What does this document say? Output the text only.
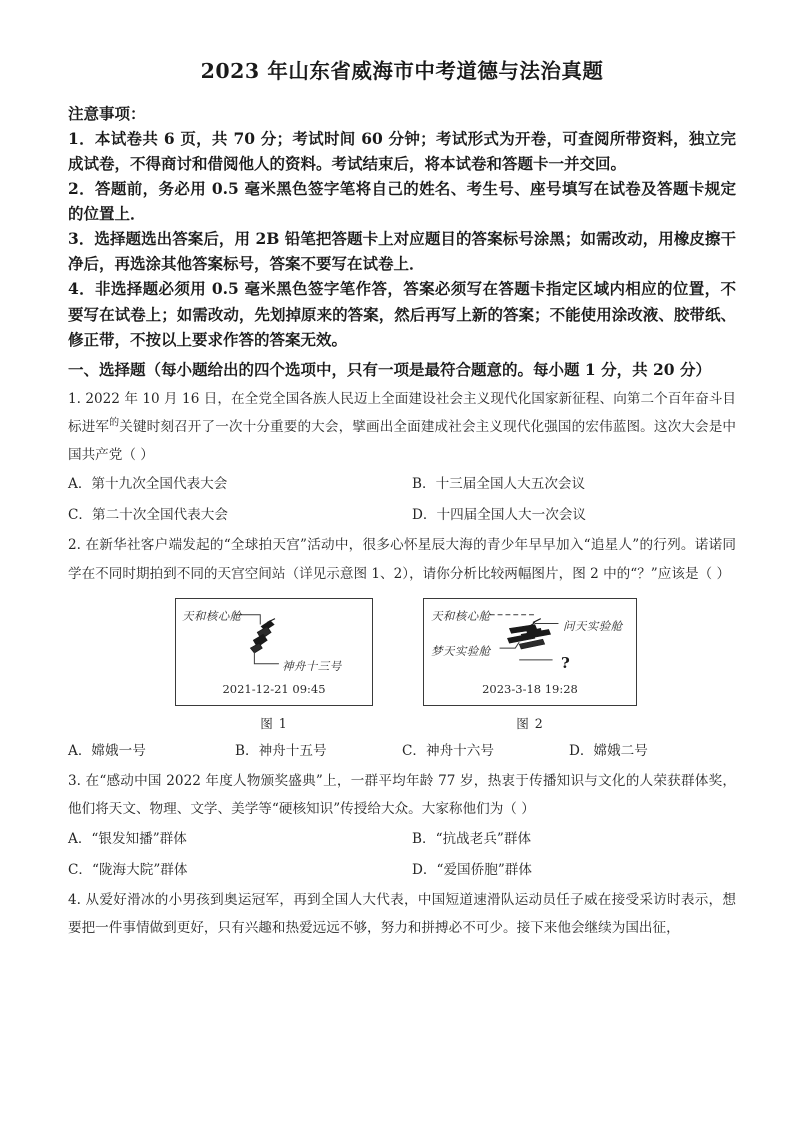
2023 年山东省威海市中考道德与法治真题

注意事项：

1．本试卷共 6 页，共 70 分；考试时间 60 分钟；考试形式为开卷，可查阅所带资料，独立完成试卷，不得商讨和借阅他人的资料。考试结束后，将本试卷和答题卡一并交回。

2．答题前，务必用 0.5 毫米黑色签字笔将自己的姓名、考生号、座号填写在试卷及答题卡规定的位置上．

3．选择题选出答案后，用 2B 铅笔把答题卡上对应题目的答案标号涂黑；如需改动，用橡皮擦干净后，再选涂其他答案标号，答案不要写在试卷上．

4．非选择题必须用 0.5 毫米黑色签字笔作答，答案必须写在答题卡指定区域内相应的位置，不要写在试卷上；如需改动，先划掉原来的答案，然后再写上新的答案；不能使用涂改液、胶带纸、修正带，不按以上要求作答的答案无效。

一、选择题（每小题给出的四个选项中，只有一项是最符合题意的。每小题 1 分，共 20 分）

1. 2022 年 10 月 16 日，在全党全国各族人民迈上全面建设社会主义现代化国家新征程、向第二个百年奋斗目标进军$^的$关键时刻召开了一次十分重要的大会，擘画出全面建成社会主义现代化强国的宏伟蓝图。这次大会是中国共产党（ ）

A．第十九次全国代表大会	B．十三届全国人大五次会议
C．第二十次全国代表大会	D．十四届全国人大一次会议

2. 在新华社客户端发起的“全球拍天宫”活动中，很多心怀星辰大海的青少年早早加入“追星人”的行列。诺诺同学在不同时期拍到不同的天宫空间站（详见示意图 1、2），请你分析比较两幅图片，图 2 中的“？”应该是（ ）

天和核心舱
神舟十三号
2021-12-21 09:45
图 1
天和核心舱
问天实验舱
梦天实验舱
?
2023-3-18 19:28
图 2
A．嫦娥一号	B．神舟十五号	C．神舟十六号	D．嫦娥二号

3. 在“感动中国 2022 年度人物颁奖盛典”上，一群平均年龄 77 岁，热衷于传播知识与文化的人荣获群体奖，他们将天文、物理、文学、美学等“硬核知识”传授给大众。大家称他们为（ ）

A．“银发知播”群体	B．“抗战老兵”群体
C．“陇海大院”群体	D．“爱国侨胞”群体

4. 从爱好滑冰的小男孩到奥运冠军，再到全国人大代表，中国短道速滑队运动员任子威在接受采访时表示，想要把一件事情做到更好，只有兴趣和热爱远远不够，努力和拼搏必不可少。接下来他会继续为国出征，
